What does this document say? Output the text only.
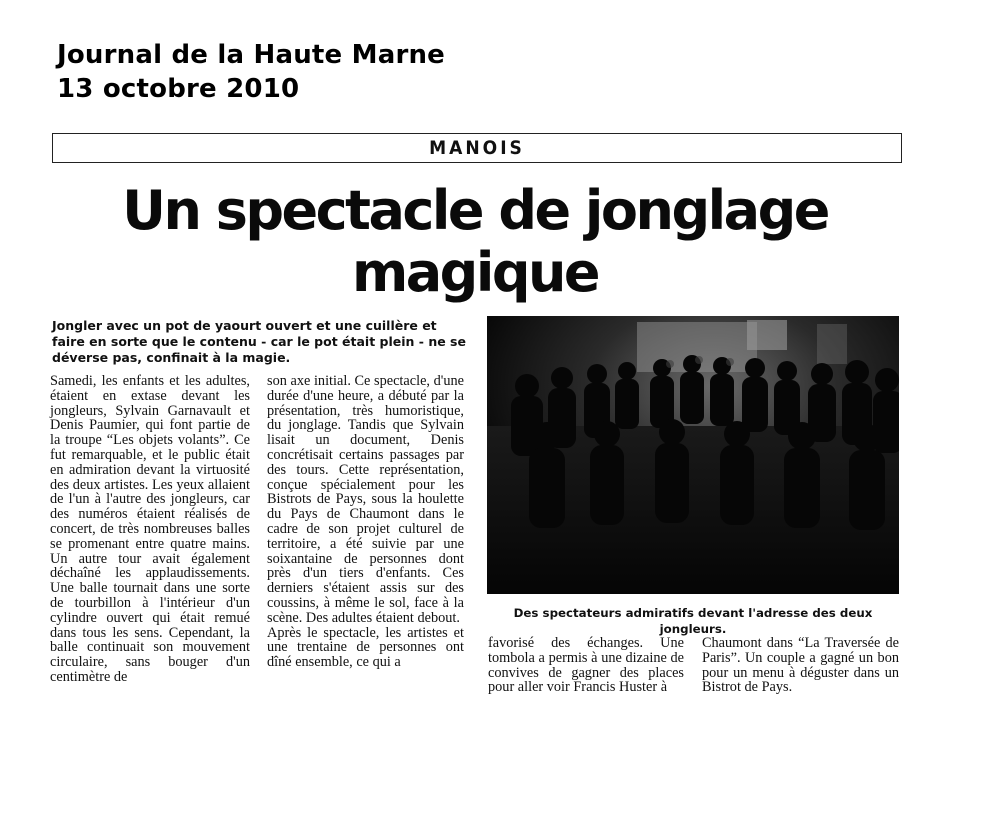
Journal de la Haute Marne
13 octobre 2010
MANOIS
Un spectacle de jonglage
magique
Jongler avec un pot de yaourt ouvert et une cuillère et faire en sorte que le contenu - car le pot était plein - ne se déverse pas, confinait à la magie.

Samedi, les enfants et les adultes, étaient en extase devant les jongleurs, Sylvain Garnavault et Denis Paumier, qui font partie de la troupe “Les objets volants”. Ce fut remarquable, et le public était en admiration devant la virtuosité des deux artistes. Les yeux allaient de l'un à l'autre des jongleurs, car des numéros étaient réalisés de concert, de très nombreuses balles se promenant entre quatre mains. Un autre tour avait également déchaîné les applaudissements. Une balle tournait dans une sorte de tourbillon à l'intérieur d'un cylindre ouvert qui était remué dans tous les sens. Cependant, la balle continuait son mouvement circulaire, sans bouger d'un centimètre de

son axe initial. Ce spectacle, d'une durée d'une heure, a débuté par la présentation, très humoristique, du jonglage. Tandis que Sylvain lisait un document, Denis concrétisait certains passages par des tours. Cette représentation, conçue spécialement pour les Bistrots de Pays, sous la houlette du Pays de Chaumont dans le cadre de son projet culturel de territoire, a été suivie par une soixantaine de personnes dont près d'un tiers d'enfants. Ces derniers s'étaient assis sur des coussins, à même le sol, face à la scène. Des adultes étaient debout.

Après le spectacle, les artistes et une trentaine de personnes ont dîné ensemble, ce qui a

Des spectateurs admiratifs devant l'adresse des deux jongleurs.

favorisé des échanges. Une tombola a permis à une dizaine de convives de gagner des places pour aller voir Francis Huster à

Chaumont dans “La Traversée de Paris”. Un couple a gagné un bon pour un menu à déguster dans un Bistrot de Pays.
